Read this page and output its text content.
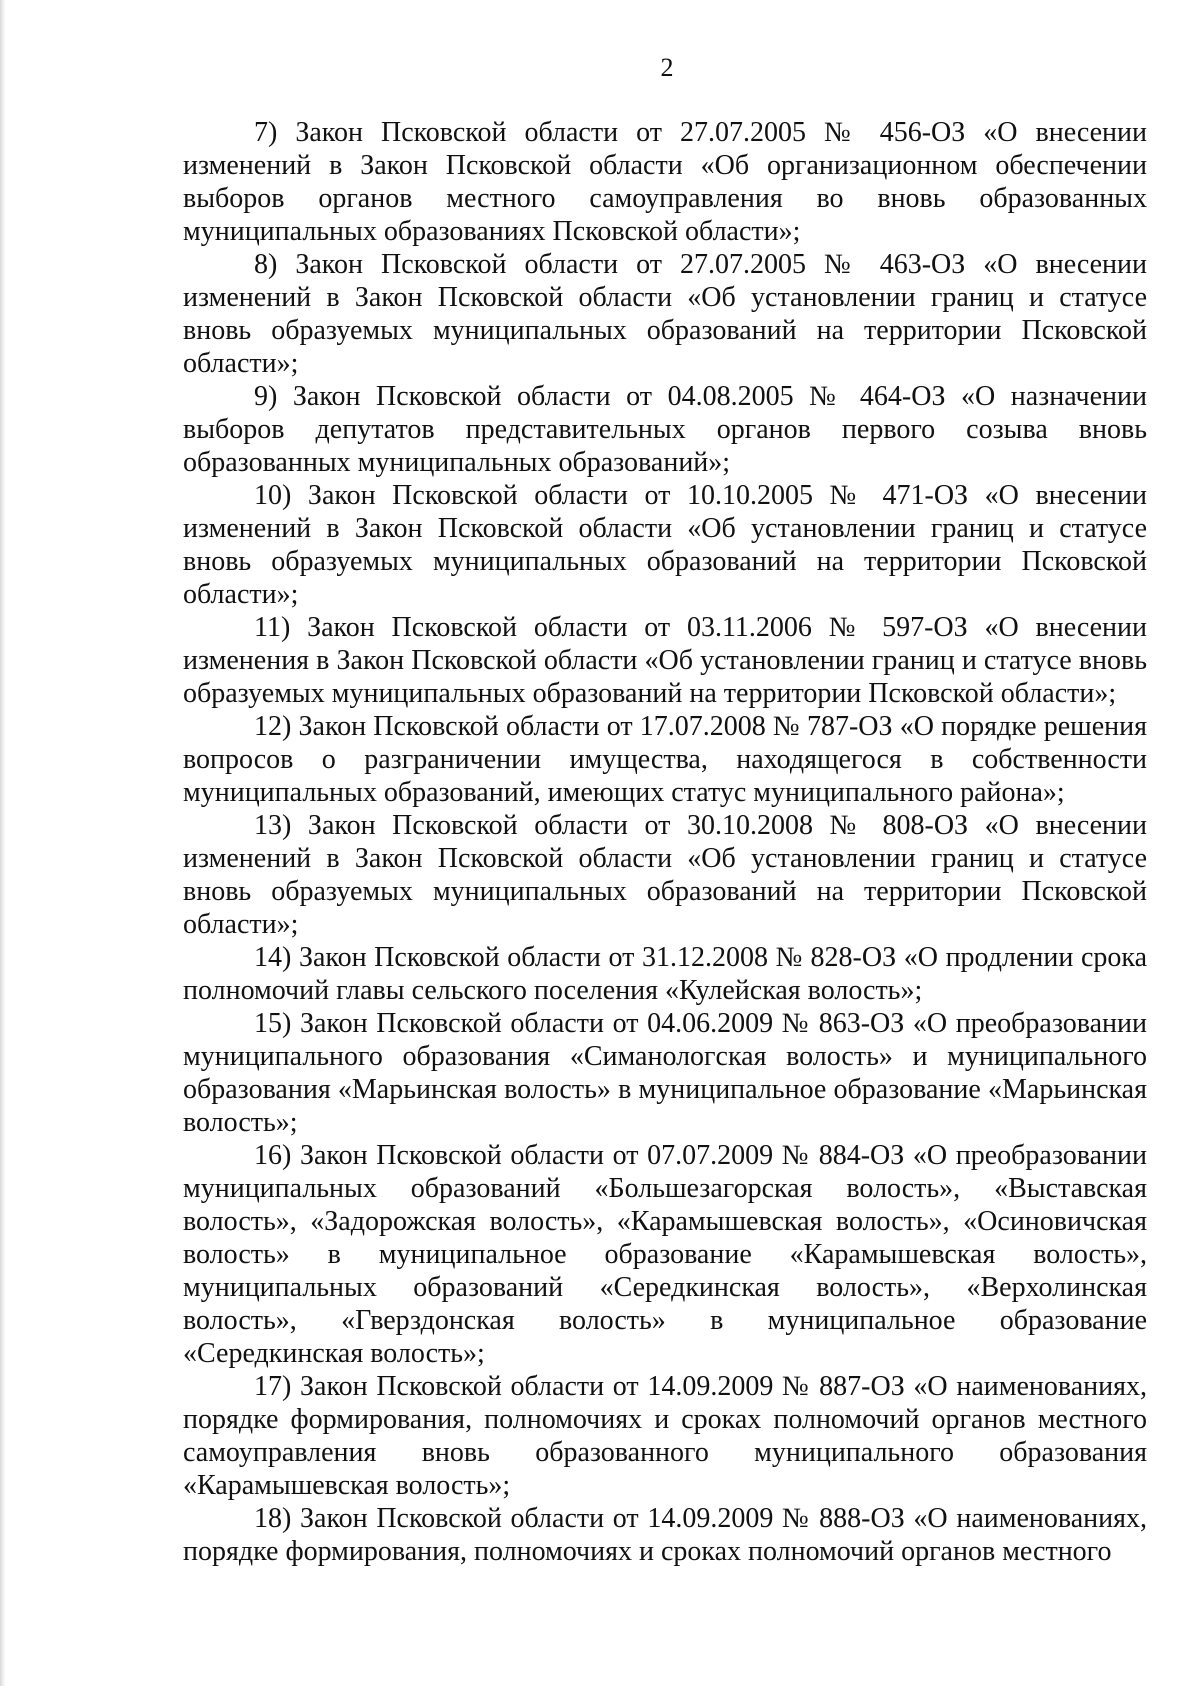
2

7) Закон Псковской области от 27.07.2005 № 456-ОЗ «О внесении изменений в Закон Псковской области «Об организационном обеспечении выборов органов местного самоуправления во вновь образованных муниципальных образованиях Псковской области»;

8) Закон Псковской области от 27.07.2005 № 463-ОЗ «О внесении изменений в Закон Псковской области «Об установлении границ и статусе вновь образуемых муниципальных образований на территории Псковской области»;

9) Закон Псковской области от 04.08.2005 № 464-ОЗ «О назначении выборов депутатов представительных органов первого созыва вновь образованных муниципальных образований»;

10) Закон Псковской области от 10.10.2005 № 471-ОЗ «О внесении изменений в Закон Псковской области «Об установлении границ и статусе вновь образуемых муниципальных образований на территории Псковской области»;

11) Закон Псковской области от 03.11.2006 № 597-ОЗ «О внесении изменения в Закон Псковской области «Об установлении границ и статусе вновь образуемых муниципальных образований на территории Псковской области»;

12) Закон Псковской области от 17.07.2008 № 787-ОЗ «О порядке решения вопросов о разграничении имущества, находящегося в собственности муниципальных образований, имеющих статус муниципального района»;

13) Закон Псковской области от 30.10.2008 № 808-ОЗ «О внесении изменений в Закон Псковской области «Об установлении границ и статусе вновь образуемых муниципальных образований на территории Псковской области»;

14) Закон Псковской области от 31.12.2008 № 828-ОЗ «О продлении срока полномочий главы сельского поселения «Кулейская волость»;

15) Закон Псковской области от 04.06.2009 № 863-ОЗ «О преобразовании муниципального образования «Симанологская волость» и муниципального образования «Марьинская волость» в муниципальное образование «Марьинская волость»;

16) Закон Псковской области от 07.07.2009 № 884-ОЗ «О преобразовании муниципальных образований «Большезагорская волость», «Выставская волость», «Задорожская волость», «Карамышевская волость», «Осиновичская волость» в муниципальное образование «Карамышевская волость», муниципальных образований «Середкинская волость», «Верхолинская волость», «Гверздонская волость» в муниципальное образование «Середкинская волость»;

17) Закон Псковской области от 14.09.2009 № 887-ОЗ «О наименованиях, порядке формирования, полномочиях и сроках полномочий органов местного самоуправления вновь образованного муниципального образования «Карамышевская волость»;

18) Закон Псковской области от 14.09.2009 № 888-ОЗ «О наименованиях, порядке формирования, полномочиях и сроках полномочий органов местного
